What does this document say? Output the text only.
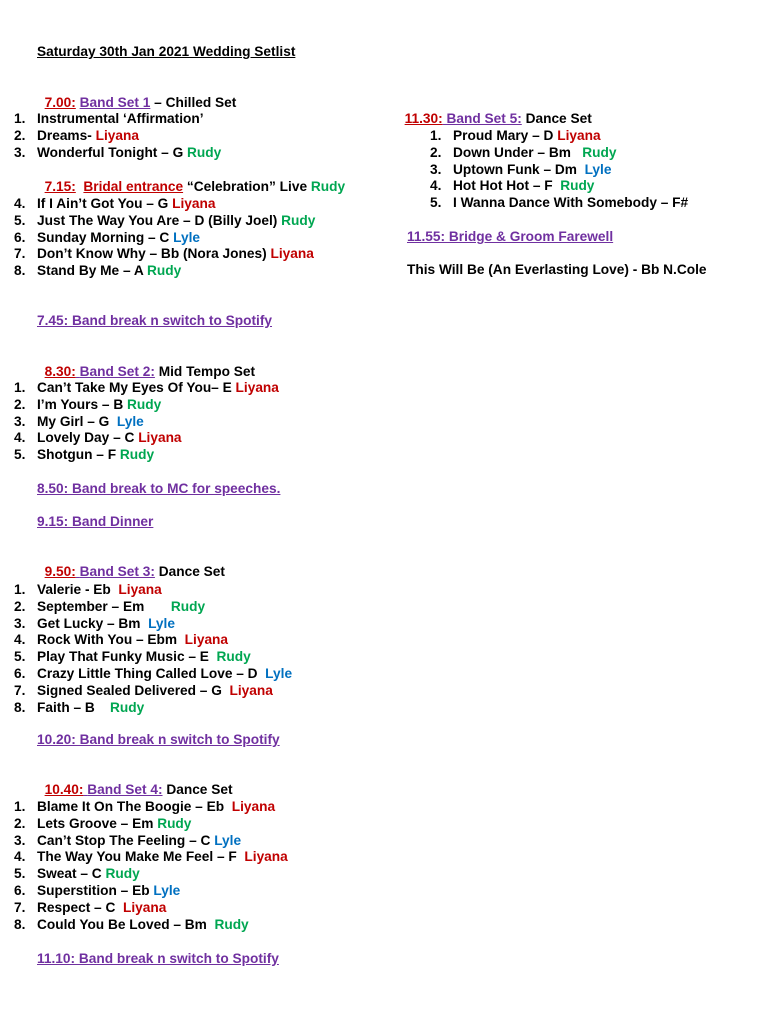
Saturday 30th Jan 2021 Wedding Setlist

7.00: Band Set 1 – Chilled Set

1. Instrumental ‘Affirmation’
2. Dreams- Liyana
3. Wonderful Tonight – G Rudy

7.15: Bridal entrance “Celebration” Live Rudy

4. If I Ain’t Got You – G Liyana
5. Just The Way You Are – D (Billy Joel) Rudy
6. Sunday Morning – C Lyle
7. Don’t Know Why – Bb (Nora Jones) Liyana
8. Stand By Me – A Rudy
7.45: Band break n switch to Spotify

8.30: Band Set 2: Mid Tempo Set

1. Can’t Take My Eyes Of You– E Liyana
2. I’m Yours – B Rudy
3. My Girl – G  Lyle
4. Lovely Day – C Liyana
5. Shotgun – F Rudy
8.50: Band break to MC for speeches.
9.15: Band Dinner

9.50: Band Set 3: Dance Set

1. Valerie - Eb  Liyana
2. September – Em       Rudy
3. Get Lucky – Bm  Lyle
4. Rock With You – Ebm  Liyana
5. Play That Funky Music – E  Rudy
6. Crazy Little Thing Called Love – D  Lyle
7. Signed Sealed Delivered – G  Liyana
8. Faith – B    Rudy
10.20: Band break n switch to Spotify

10.40: Band Set 4: Dance Set

1. Blame It On The Boogie – Eb  Liyana
2. Lets Groove – Em Rudy
3. Can’t Stop The Feeling – C Lyle
4. The Way You Make Me Feel – F  Liyana
5. Sweat – C Rudy
6. Superstition – Eb Lyle
7. Respect – C  Liyana
8. Could You Be Loved – Bm  Rudy
11.10: Band break n switch to Spotify

11.30: Band Set 5: Dance Set

1. Proud Mary – D Liyana
2. Down Under – Bm   Rudy
3. Uptown Funk – Dm  Lyle
4. Hot Hot Hot – F  Rudy
5. I Wanna Dance With Somebody – F#
11.55: Bridge & Groom Farewell
This Will Be (An Everlasting Love) - Bb N.Cole
